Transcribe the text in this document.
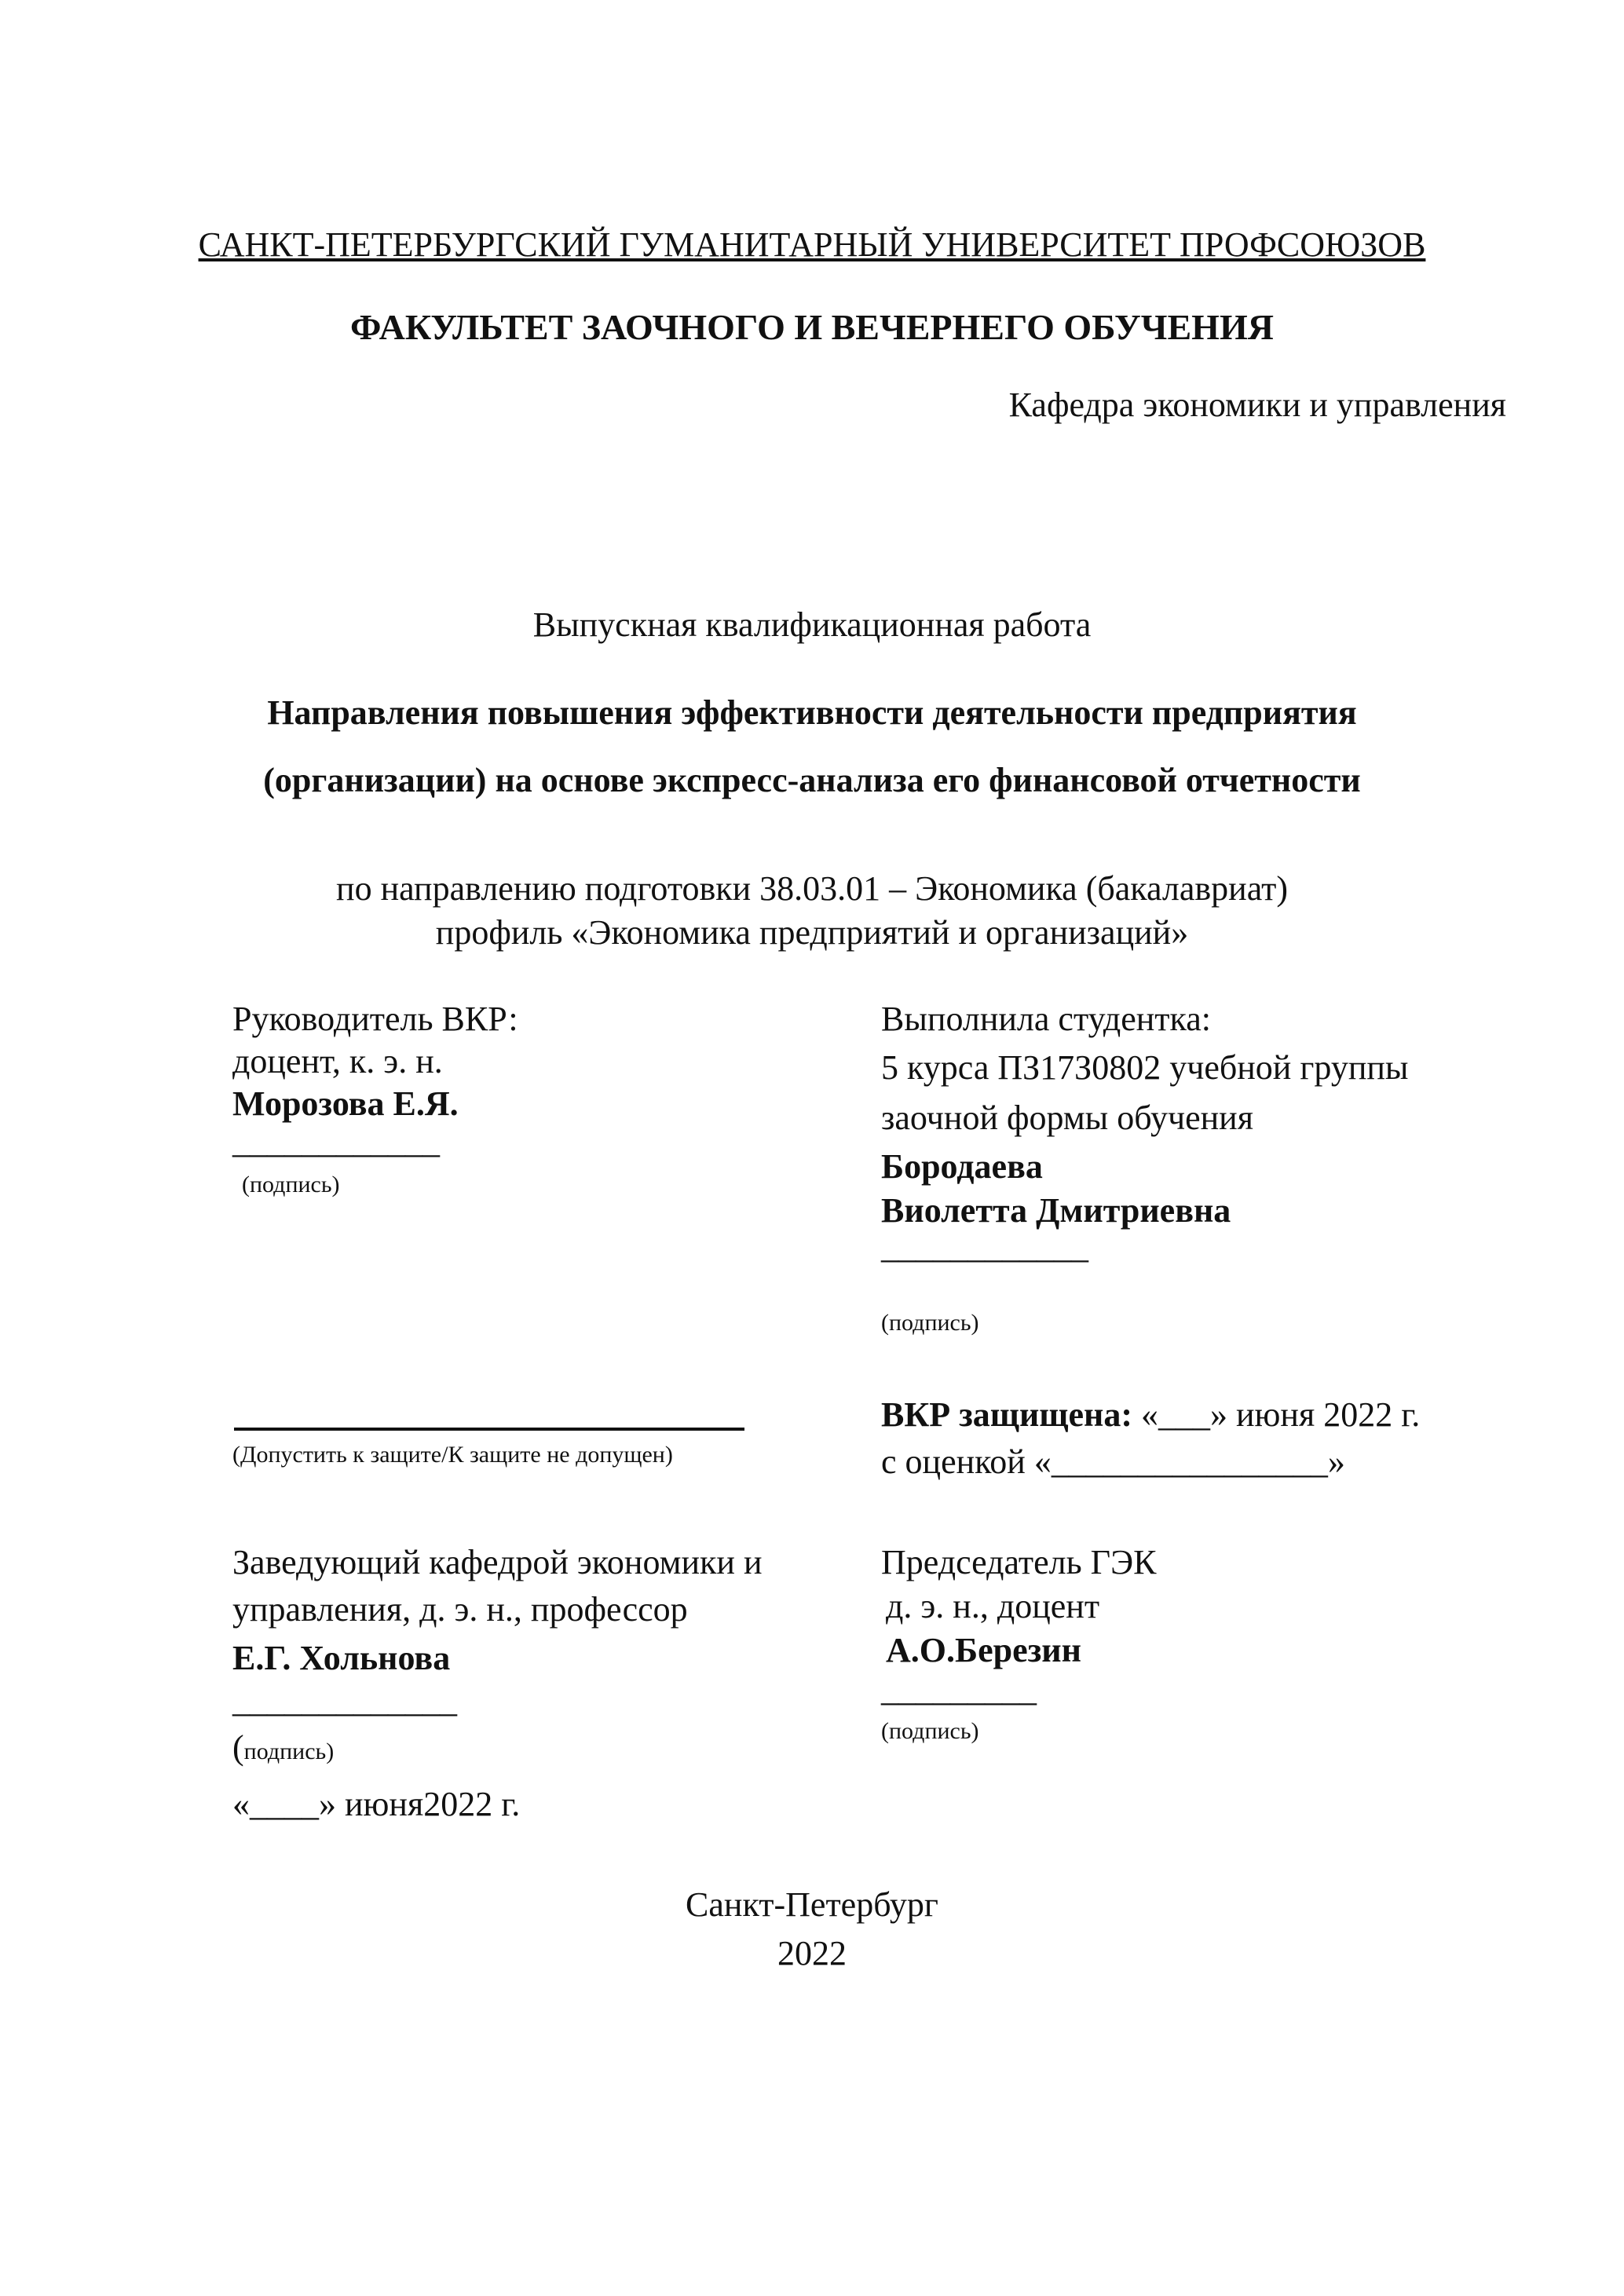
САНКТ-ПЕТЕРБУРГСКИЙ ГУМАНИТАРНЫЙ УНИВЕРСИТЕТ ПРОФСОЮЗОВ
ФАКУЛЬТЕТ ЗАОЧНОГО И ВЕЧЕРНЕГО ОБУЧЕНИЯ
Кафедра экономики и управления
Выпускная квалификационная работа
Направления повышения эффективности деятельности предприятия
(организации) на основе экспресс-анализа его финансовой отчетности
по направлению подготовки 38.03.01 – Экономика (бакалавриат)
профиль «Экономика предприятий и организаций»
Руководитель ВКР:
доцент, к. э. н.
Морозова Е.Я.
____________
(подпись)
Выполнила студентка:
5 курса ПЗ17З0802 учебной группы
заочной формы обучения
Бородаева
Виолетта Дмитриевна
____________
(подпись)
(Допустить к защите/К защите не допущен)
ВКР защищена: «___» июня 2022 г.
с оценкой «________________»
Заведующий кафедрой экономики и
управления, д. э. н., профессор
Е.Г. Хольнова
_____________
(подпись)
«____» июня2022 г.
Председатель ГЭК
д. э. н., доцент
А.О.Березин
_________
(подпись)
Санкт-Петербург
2022
